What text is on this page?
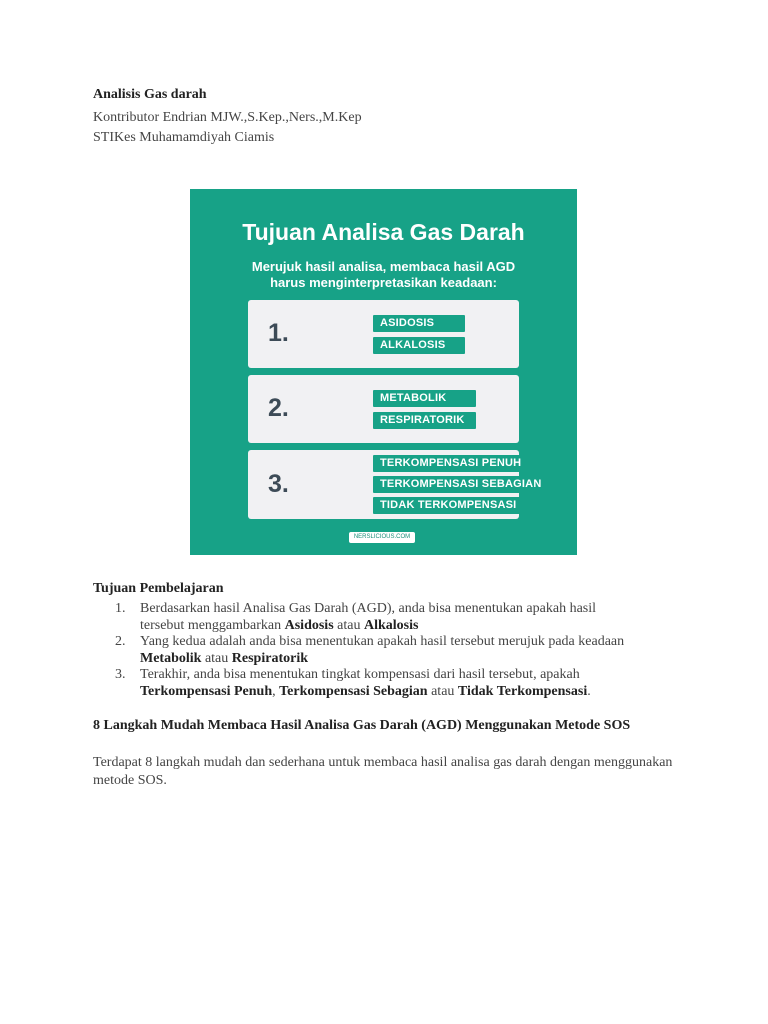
Analisis Gas darah
Kontributor Endrian MJW.,S.Kep.,Ners.,M.Kep
STIKes Muhamamdiyah Ciamis
Tujuan Analisa Gas Darah
Merujuk hasil analisa, membaca hasil AGD
harus menginterpretasikan keadaan:
1.	ASIDOSIS
ALKALOSIS
2.	METABOLIK
RESPIRATORIK
3.
TERKOMPENSASI PENUH
TERKOMPENSASI SEBAGIAN
TIDAK TERKOMPENSASI
NERSLICIOUS.COM
Tujuan Pembelajaran
1.	Berdasarkan hasil Analisa Gas Darah (AGD), anda bisa menentukan apakah hasil
tersebut menggambarkan Asidosis atau Alkalosis
2.	Yang kedua adalah anda bisa menentukan apakah hasil tersebut merujuk pada keadaan
Metabolik atau Respiratorik
3.	Terakhir, anda bisa menentukan tingkat kompensasi dari hasil tersebut, apakah
Terkompensasi Penuh, Terkompensasi Sebagian atau Tidak Terkompensasi.
8 Langkah Mudah Membaca Hasil Analisa Gas Darah (AGD) Menggunakan Metode SOS
Terdapat 8 langkah mudah dan sederhana untuk membaca hasil analisa gas darah dengan menggunakan metode SOS.
